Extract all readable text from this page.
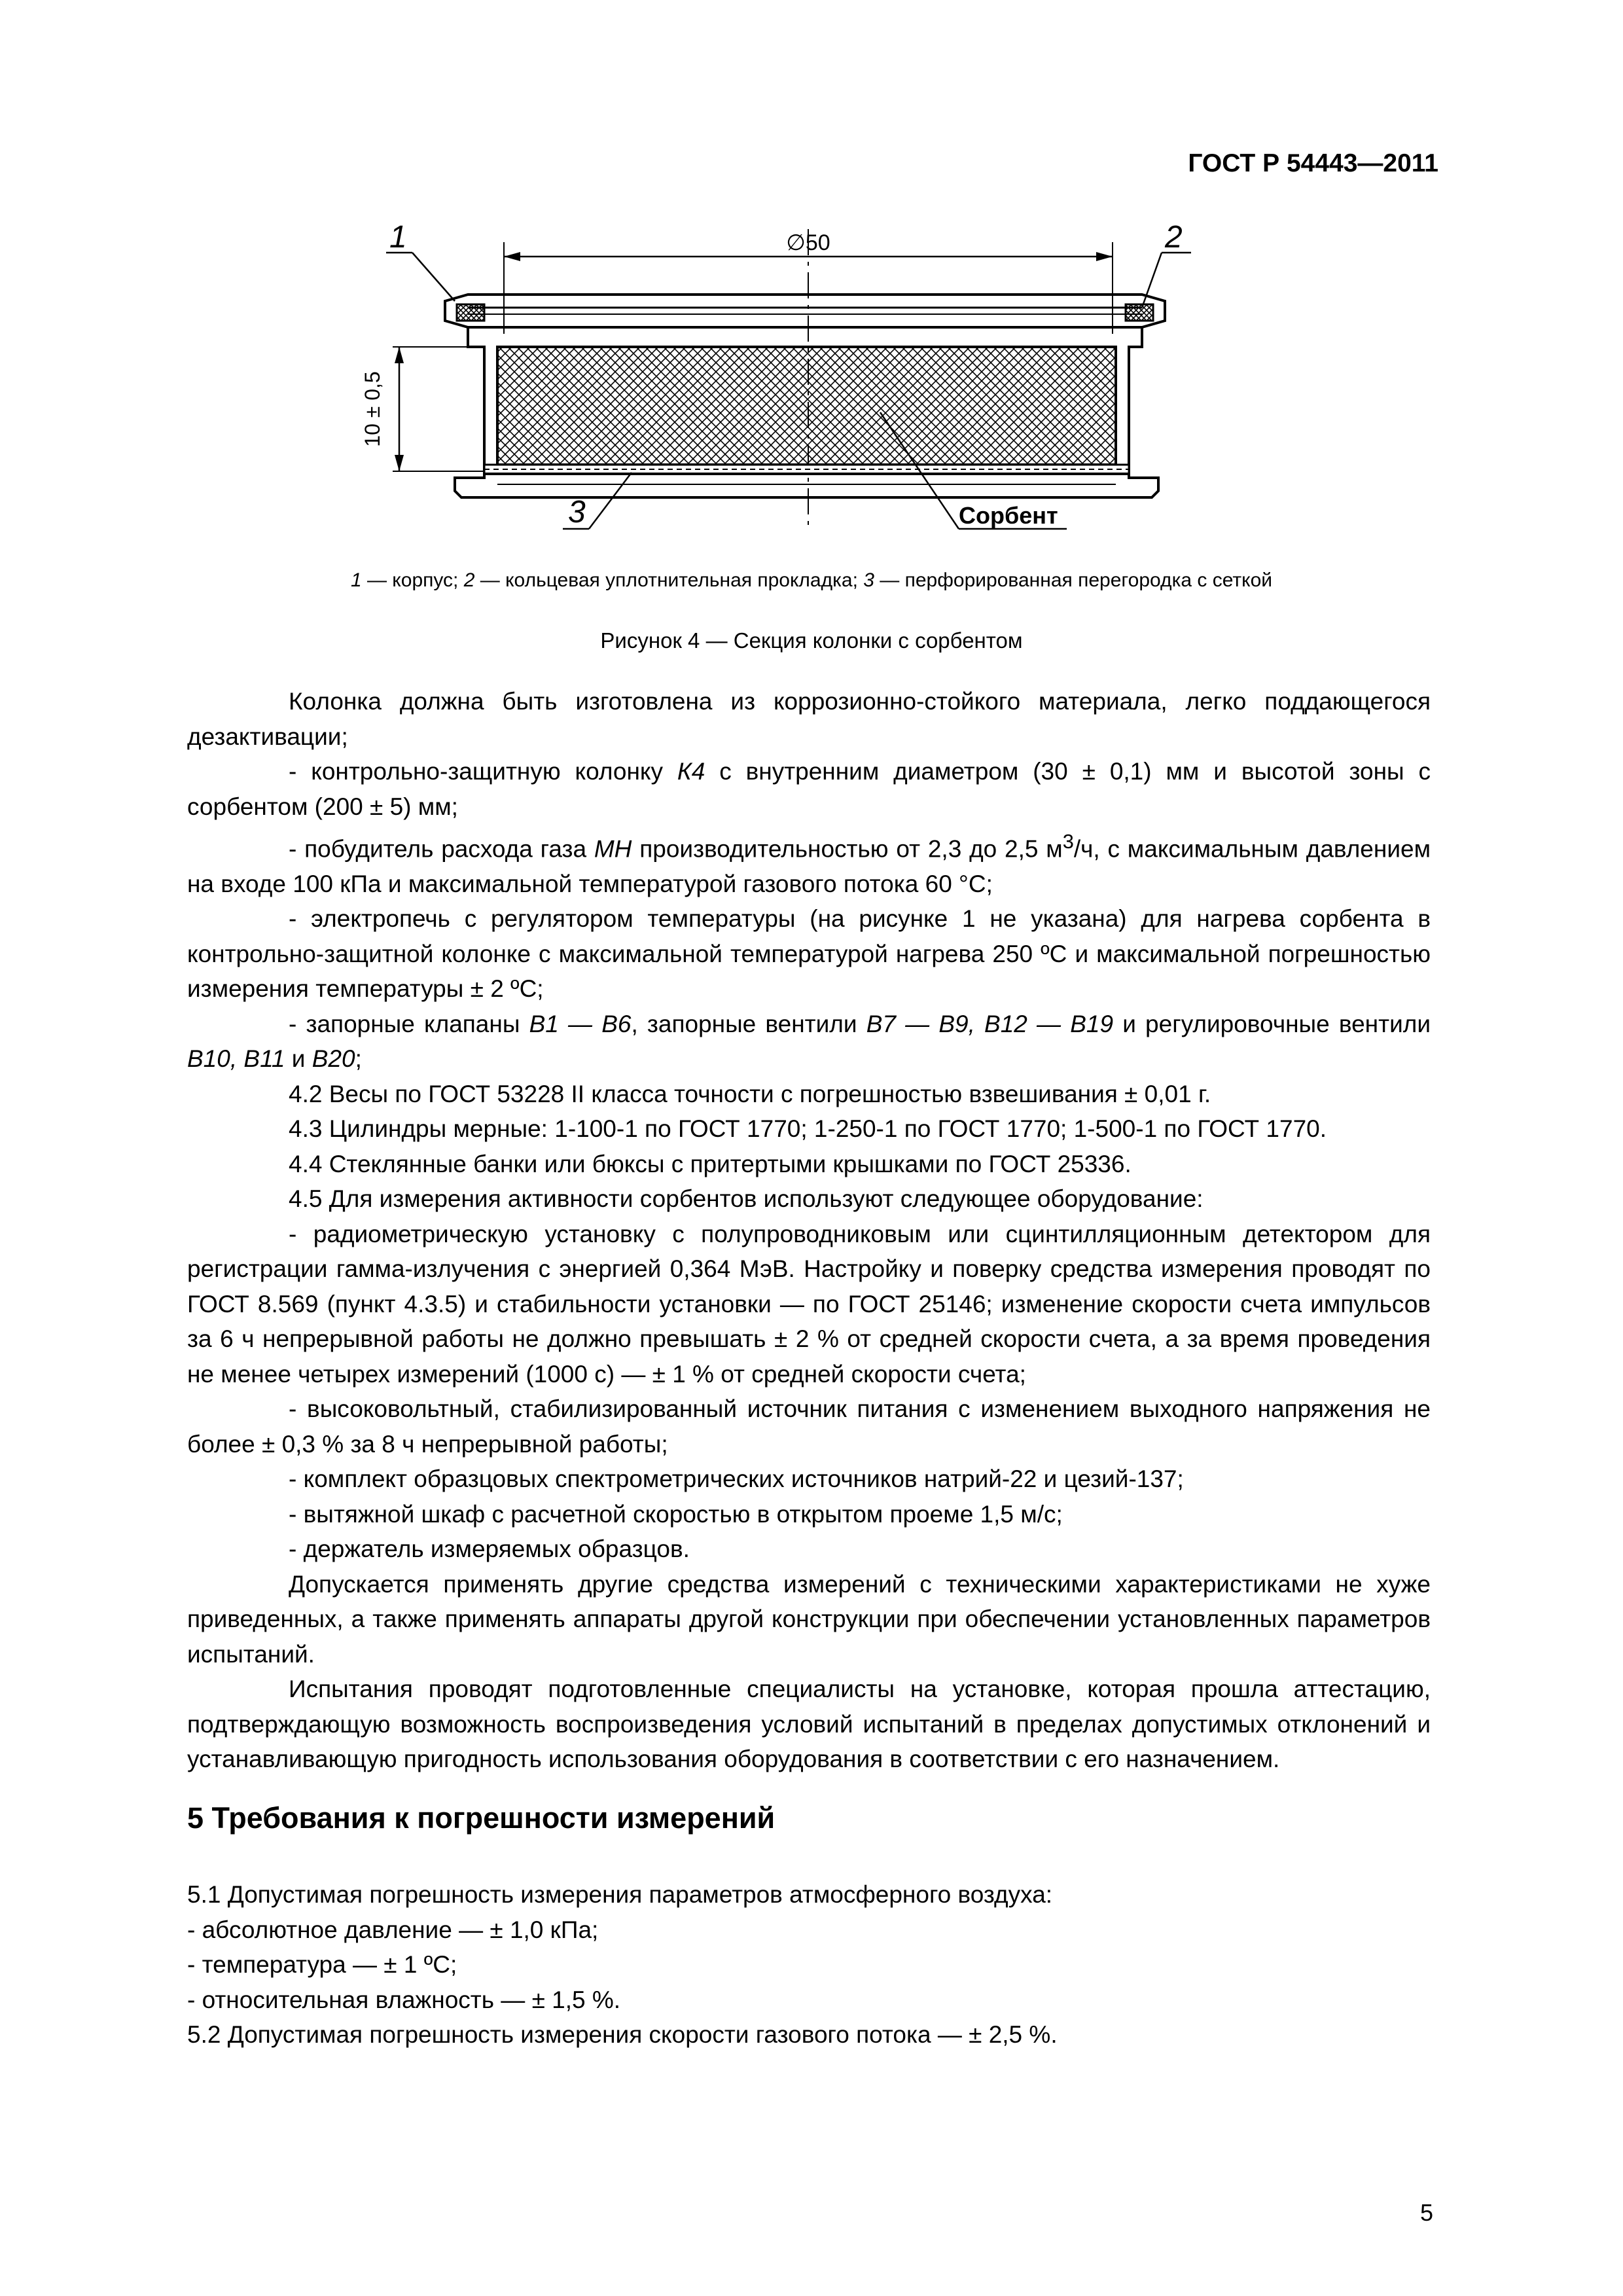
ГОСТ Р 54443—2011
∅50
10 ± 0,5
1	2
3	Сорбент
1 — корпус; 2 — кольцевая уплотнительная прокладка; 3 — перфорированная перегородка с сеткой
Рисунок 4 — Секция колонки с сорбентом

Колонка должна быть изготовлена из коррозионно-стойкого материала, легко поддающегося дезактивации;

- контрольно-защитную колонку К4 с внутренним диаметром (30 ± 0,1) мм и высотой зоны с сорбентом (200 ± 5) мм;

- побудитель расхода газа МН производительностью от 2,3 до 2,5 $м^3/ч$, с максимальным давлением на входе 100 кПа и максимальной температурой газового потока 60 °С;

- электропечь с регулятором температуры (на рисунке 1 не указана) для нагрева сорбента в контрольно-защитной колонке с максимальной температурой нагрева 250 ºС и максимальной погрешностью измерения температуры ± 2 ºС;

- запорные клапаны В1 — В6, запорные вентили В7 — В9, В12 — В19 и регулировочные вентили В10, В11 и В20;

4.2 Весы по ГОСТ 53228 II класса точности с погрешностью взвешивания ± 0,01 г.

4.3 Цилиндры мерные: 1-100-1 по ГОСТ 1770; 1-250-1 по ГОСТ 1770; 1-500-1 по ГОСТ 1770.

4.4 Стеклянные банки или бюксы с притертыми крышками по ГОСТ 25336.

4.5 Для измерения активности сорбентов используют следующее оборудование:

- радиометрическую установку с полупроводниковым или сцинтилляционным детектором для регистрации гамма-излучения с энергией 0,364 МэВ. Настройку и поверку средства измерения проводят по ГОСТ 8.569 (пункт 4.3.5) и стабильности установки — по ГОСТ 25146; изменение скорости счета импульсов за 6 ч непрерывной работы не должно превышать ± 2 % от средней скорости счета, а за время проведения не менее четырех измерений (1000 с) — ± 1 % от средней скорости счета;

- высоковольтный, стабилизированный источник питания с изменением выходного напряжения не более ± 0,3 % за 8 ч непрерывной работы;

- комплект образцовых спектрометрических источников натрий-22 и цезий-137;

- вытяжной шкаф с расчетной скоростью в открытом проеме 1,5 м/с;

- держатель измеряемых образцов.

Допускается применять другие средства измерений с техническими характеристиками не хуже приведенных, а также применять аппараты другой конструкции при обеспечении установленных параметров испытаний.

Испытания проводят подготовленные специалисты на установке, которая прошла аттестацию, подтверждающую возможность воспроизведения условий испытаний в пределах допустимых отклонений и устанавливающую пригодность использования оборудования в соответствии с его назначением.

5 Требования к погрешности измерений

5.1 Допустимая погрешность измерения параметров атмосферного воздуха:

- абсолютное давление — ± 1,0 кПа;

- температура — ± 1 ºС;

- относительная влажность — ± 1,5 %.

5.2 Допустимая погрешность измерения скорости газового потока — ± 2,5 %.

5
